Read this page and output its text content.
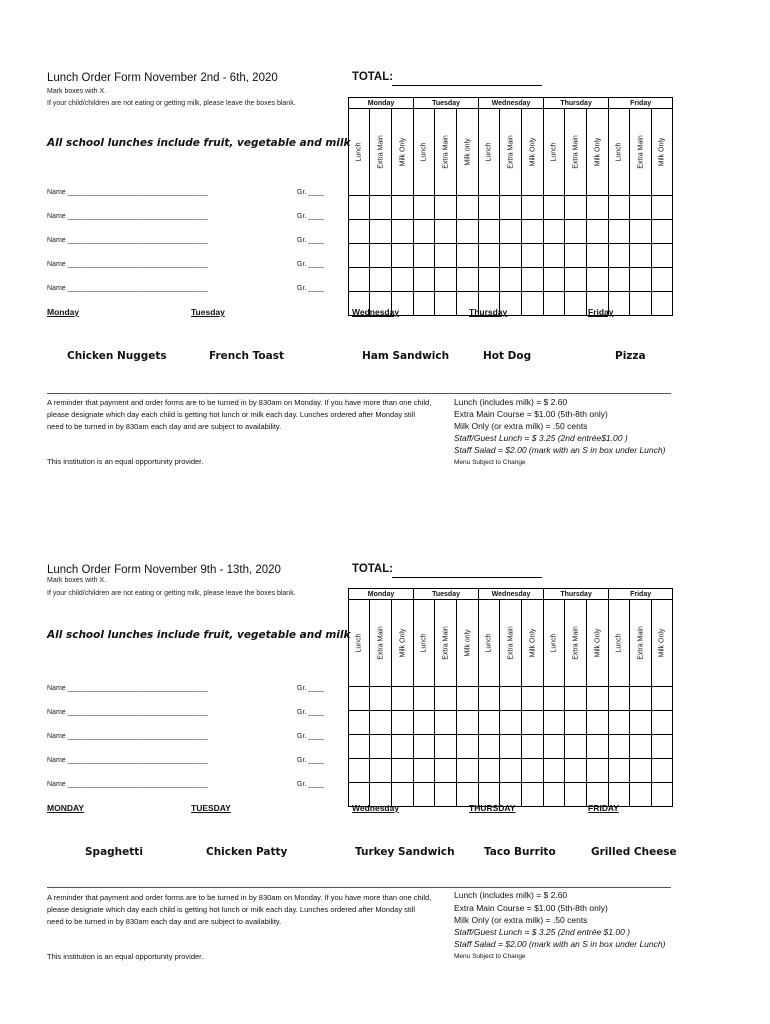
Lunch Order Form November 2nd - 6th, 2020	TOTAL:
Mark boxes with X.
If your child/children are not eating or getting milk, please leave the boxes blank.
All school lunches include fruit, vegetable and milk
Monday			Tuesday			Wednesday			Thursday			Friday		

Lunch	Extra Main	Milk Only	Lunch	Extra Main	Milk only	Lunch	Extra Main	Milk Only	Lunch	Extra Main	Milk Only	Lunch	Extra Main	Milk Only

Name ____________________________________	Gr. ____
Name ____________________________________	Gr. ____
Name ____________________________________	Gr. ____
Name ____________________________________	Gr. ____
Name ____________________________________	Gr. ____
Monday	Tuesday	Wednesday	Thursday	Friday
Chicken Nuggets	French Toast	Ham Sandwich	Hot Dog	Pizza
A reminder that payment and order forms are to be turned in by 830am on Monday. If you have more than one child, please designate which day each child is getting hot lunch or milk each day. Lunches ordered after Monday still need to be turned in by 830am each day and are subject to availability.
This institution is an equal opportunity provider.
Lunch (includes milk) = $ 2.60
Extra Main Course = $1.00 (5th-8th only)
Milk Only (or extra milk) = .50 cents
Staff/Guest Lunch = $ 3.25 (2nd entrée$1.00 )
Staff Salad = $2.00 (mark with an S in box under Lunch)
Menu Subject to Change
Lunch Order Form November 9th - 13th, 2020	TOTAL:
Mark boxes with X.
If your child/children are not eating or getting milk, please leave the boxes blank.
All school lunches include fruit, vegetable and milk
Monday			Tuesday			Wednesday			Thursday			Friday		

Lunch	Extra Main	Milk Only	Lunch	Extra Main	Milk only	Lunch	Extra Main	Milk Only	Lunch	Extra Main	Milk Only	Lunch	Extra Main	Milk Only

Name ____________________________________	Gr. ____
Name ____________________________________	Gr. ____
Name ____________________________________	Gr. ____
Name ____________________________________	Gr. ____
Name ____________________________________	Gr. ____
MONDAY	TUESDAY	Wednesday	THURSDAY	FRIDAY
Spaghetti	Chicken Patty	Turkey Sandwich	Taco Burrito	Grilled Cheese
A reminder that payment and order forms are to be turned in by 830am on Monday. If you have more than one child, please designate which day each child is getting hot lunch or milk each day. Lunches ordered after Monday still need to be turned in by 830am each day and are subject to availability.
This institution is an equal opportunity provider.
Lunch (includes milk) = $ 2.60
Extra Main Course = $1.00 (5th-8th only)
Milk Only (or extra milk) = .50 cents
Staff/Guest Lunch = $ 3.25 (2nd entrée $1.00 )
Staff Salad = $2.00 (mark with an S in box under Lunch)
Menu Subject to Change
